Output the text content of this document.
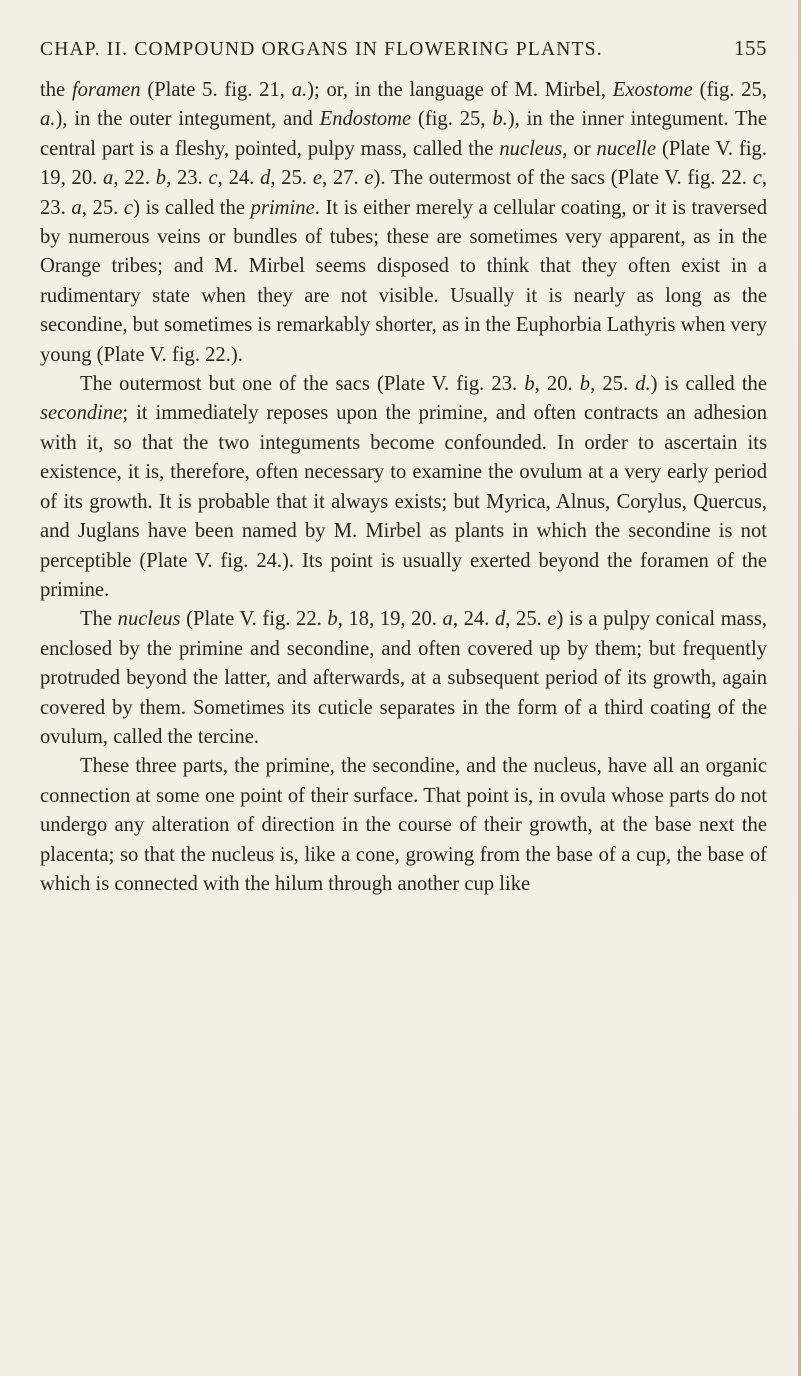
CHAP. II. COMPOUND ORGANS IN FLOWERING PLANTS.	155

the foramen (Plate 5. fig. 21, a.); or, in the language of M. Mirbel, Exostome (fig. 25, a.), in the outer integument, and Endostome (fig. 25, b.), in the inner integument. The central part is a fleshy, pointed, pulpy mass, called the nucleus, or nucelle (Plate V. fig. 19, 20. a, 22. b, 23. c, 24. d, 25. e, 27. e). The outermost of the sacs (Plate V. fig. 22. c, 23. a, 25. c) is called the primine. It is either merely a cellular coating, or it is traversed by numerous veins or bundles of tubes; these are sometimes very apparent, as in the Orange tribes; and M. Mirbel seems disposed to think that they often exist in a rudimentary state when they are not visible. Usually it is nearly as long as the secondine, but sometimes is remarkably shorter, as in the Euphorbia Lathyris when very young (Plate V. fig. 22.).

The outermost but one of the sacs (Plate V. fig. 23. b, 20. b, 25. d.) is called the secondine; it immediately reposes upon the primine, and often contracts an adhesion with it, so that the two integuments become confounded. In order to ascertain its existence, it is, therefore, often necessary to examine the ovulum at a very early period of its growth. It is probable that it always exists; but Myrica, Alnus, Corylus, Quercus, and Juglans have been named by M. Mirbel as plants in which the secondine is not perceptible (Plate V. fig. 24.). Its point is usually exerted beyond the foramen of the primine.

The nucleus (Plate V. fig. 22. b, 18, 19, 20. a, 24. d, 25. e) is a pulpy conical mass, enclosed by the primine and secondine, and often covered up by them; but frequently protruded beyond the latter, and afterwards, at a subsequent period of its growth, again covered by them. Sometimes its cuticle separates in the form of a third coating of the ovulum, called the tercine.

These three parts, the primine, the secondine, and the nucleus, have all an organic connection at some one point of their surface. That point is, in ovula whose parts do not undergo any alteration of direction in the course of their growth, at the base next the placenta; so that the nucleus is, like a cone, growing from the base of a cup, the base of which is connected with the hilum through another cup like
